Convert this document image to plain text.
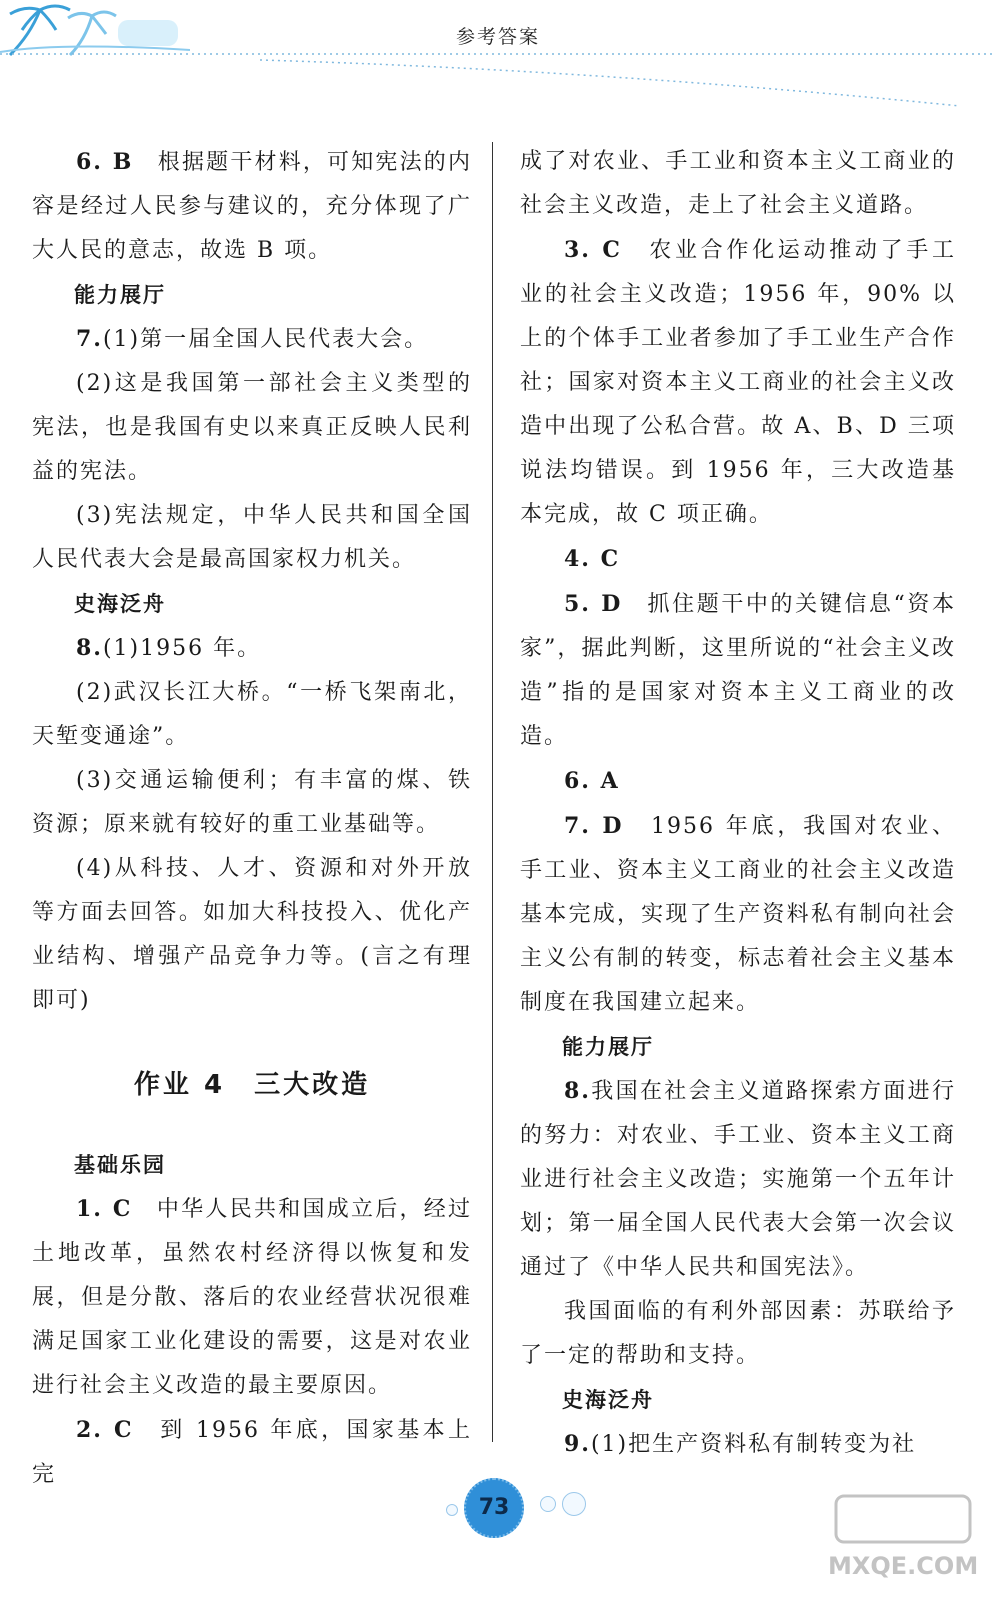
参考答案

6. B　根据题干材料，可知宪法的内容是经过人民参与建议的，充分体现了广大人民的意志，故选 B 项。

能力展厅

7.(1)第一届全国人民代表大会。

(2)这是我国第一部社会主义类型的宪法，也是我国有史以来真正反映人民利益的宪法。

(3)宪法规定，中华人民共和国全国人民代表大会是最高国家权力机关。

史海泛舟

8.(1)1956 年。

(2)武汉长江大桥。“一桥飞架南北，天堑变通途”。

(3)交通运输便利；有丰富的煤、铁资源；原来就有较好的重工业基础等。

(4)从科技、人才、资源和对外开放等方面去回答。如加大科技投入、优化产业结构、增强产品竞争力等。(言之有理即可)

作业 4　三大改造

基础乐园

1. C　中华人民共和国成立后，经过土地改革，虽然农村经济得以恢复和发展，但是分散、落后的农业经营状况很难满足国家工业化建设的需要，这是对农业进行社会主义改造的最主要原因。

2. C　到 1956 年底，国家基本上完

成了对农业、手工业和资本主义工商业的社会主义改造，走上了社会主义道路。

3. C　农业合作化运动推动了手工业的社会主义改造；1956 年，90% 以上的个体手工业者参加了手工业生产合作社；国家对资本主义工商业的社会主义改造中出现了公私合营。故 A、B、D 三项说法均错误。到 1956 年，三大改造基本完成，故 C 项正确。

4. C

5. D　抓住题干中的关键信息“资本家”，据此判断，这里所说的“社会主义改造”指的是国家对资本主义工商业的改造。

6. A

7. D　1956 年底，我国对农业、手工业、资本主义工商业的社会主义改造基本完成，实现了生产资料私有制向社会主义公有制的转变，标志着社会主义基本制度在我国建立起来。

能力展厅

8.我国在社会主义道路探索方面进行的努力：对农业、手工业、资本主义工商业进行社会主义改造；实施第一个五年计划；第一届全国人民代表大会第一次会议通过了《中华人民共和国宪法》。

我国面临的有利外部因素：苏联给予了一定的帮助和支持。

史海泛舟

9.(1)把生产资料私有制转变为社

73
MXQE.COM
